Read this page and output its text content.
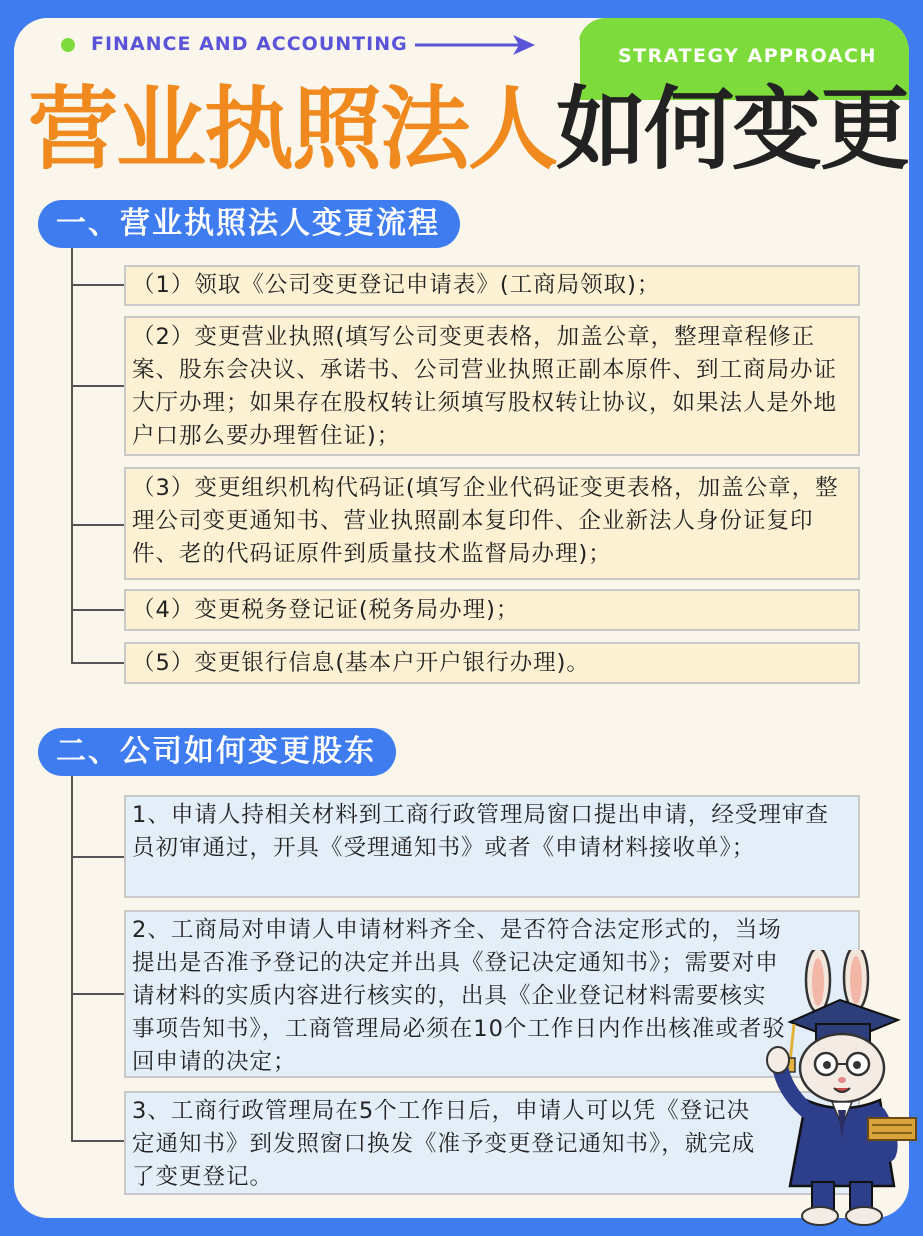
FINANCE AND ACCOUNTING
STRATEGY APPROACH
营业执照法人如何变更
一、营业执照法人变更流程
（1）领取《公司变更登记申请表》(工商局领取)；
（2）变更营业执照(填写公司变更表格，加盖公章，整理章程修正案、股东会决议、承诺书、公司营业执照正副本原件、到工商局办证大厅办理；如果存在股权转让须填写股权转让协议，如果法人是外地户口那么要办理暂住证)；
（3）变更组织机构代码证(填写企业代码证变更表格，加盖公章，整理公司变更通知书、营业执照副本复印件、企业新法人身份证复印件、老的代码证原件到质量技术监督局办理)；
（4）变更税务登记证(税务局办理)；
（5）变更银行信息(基本户开户银行办理)。
二、公司如何变更股东
1、申请人持相关材料到工商行政管理局窗口提出申请，经受理审查员初审通过，开具《受理通知书》或者《申请材料接收单》；
2、工商局对申请人申请材料齐全、是否符合法定形式的，当场提出是否准予登记的决定并出具《登记决定通知书》；需要对申请材料的实质内容进行核实的，出具《企业登记材料需要核实事项告知书》，工商管理局必须在10个工作日内作出核准或者驳回申请的决定；
3、工商行政管理局在5个工作日后，申请人可以凭《登记决定通知书》到发照窗口换发《准予变更登记通知书》，就完成了变更登记。
